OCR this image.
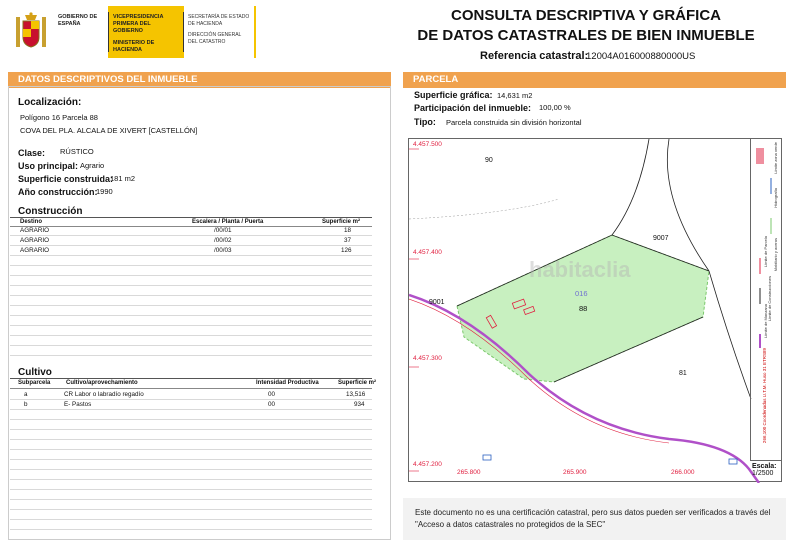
GOBIERNO DE ESPAÑA
VICEPRESIDENCIA PRIMERA DEL GOBIERNO
MINISTERIO DE HACIENDA
SECRETARÍA DE ESTADO DE HACIENDA
DIRECCIÓN GENERAL DEL CATASTRO
CONSULTA DESCRIPTIVA Y GRÁFICA
DE DATOS CATASTRALES DE BIEN INMUEBLE
Referencia catastral:
12004A016000880000US
DATOS DESCRIPTIVOS DEL INMUEBLE
Localización:
Polígono 16 Parcela 88
COVA DEL PLA. ALCALA DE XIVERT [CASTELLÓN]
Clase: RÚSTICO
Uso principal: Agrario
Superficie construida:
181 m2
Año construcción:
1990
Construcción
Destino	Escalera / Planta / Puerta	Superficie m²
AGRARIO	/00/01	18
AGRARIO	/00/02	37
AGRARIO	/00/03	126
Cultivo
Subparcela	Cultivo/aprovechamiento	Intensidad Productiva	Superficie m²
a	CR Labor o labradío regadío	00	13,516
b	E- Pastos	00	934
PARCELA
Superficie gráfica: 14,631 m2
Participación del inmueble: 100,00 %
Tipo: Parcela construida sin división horizontal
4.457.500
4.457.400
4.457.300
4.457.200
265.800	265.900	266.000
90
9007
9001
016
88
81
habitaclia
266,100 Coordenadas U.T.M. Huso 31 ETRS89
Límite de Manzana
Límite de Parcela
Límite de Construcciones
Mobiliario y aceras
Límite zona verde
Hidrografía
Escala:
1/2500
Este documento no es una certificación catastral, pero sus datos pueden ser verificados a través del "Acceso a datos catastrales no protegidos de la SEC"
